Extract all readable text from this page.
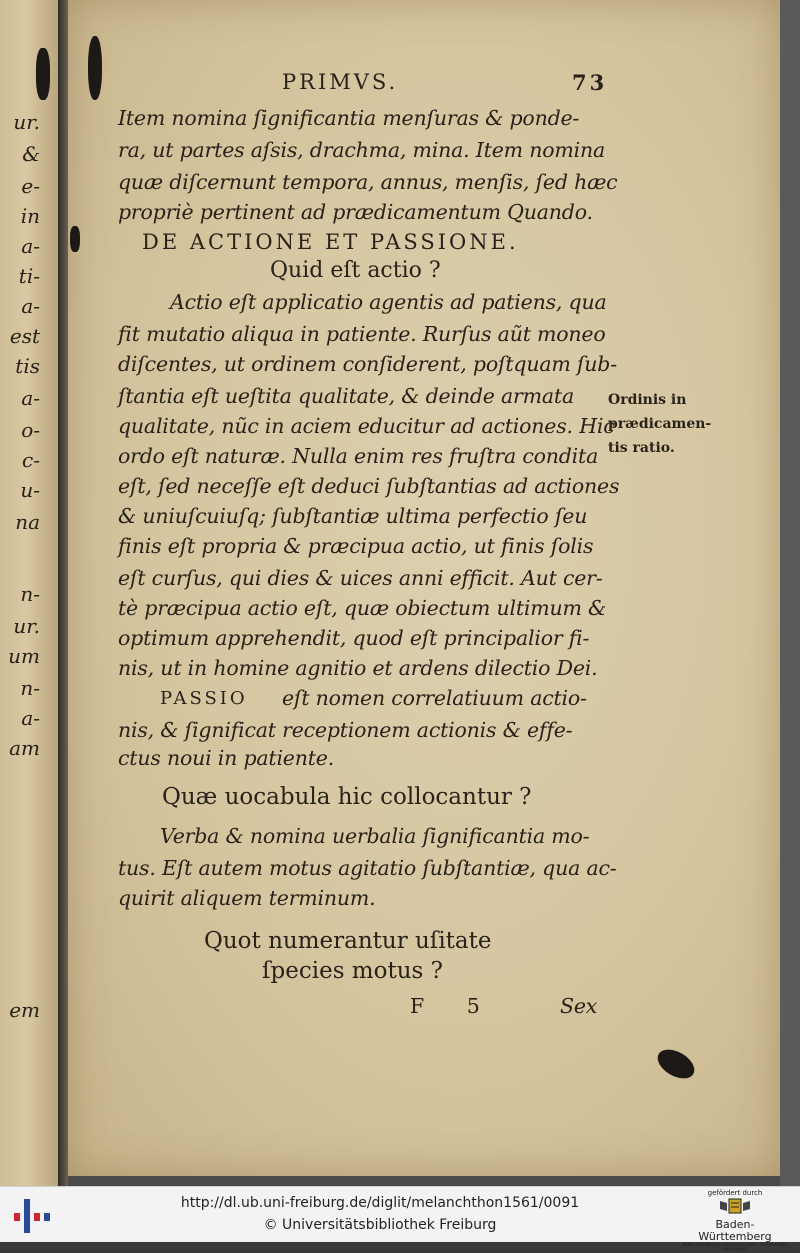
ur.
&
e-
in
a-
ti-
a-
est
tis
a-
o-
c-
u-
na
n-
ur.
um
n-
a-
am
em
PRIMVS.	73
Item nomina ſignificantia menſuras & ponde-
ra, ut partes aſsis, drachma, mina. Item nomina
quæ diſcernunt tempora, annus, menſis, ſed hæc
propriè pertinent ad prædicamentum Quando.
DE ACTIONE ET PASSIONE.
Quid eſt actio ?
Actio eſt applicatio agentis ad patiens, qua
fit mutatio aliqua in patiente. Rurſus aũt moneo
diſcentes, ut ordinem conſiderent, poſtquam ſub-
ſtantia eſt ueſtita qualitate, & deinde armata
qualitate, nũc in aciem educitur ad actiones. Hic
ordo eſt naturæ. Nulla enim res fruſtra condita
eſt, ſed neceſſe eſt deduci ſubſtantias ad actiones
& uniuſcuiuſq; ſubſtantiæ ultima perfectio ſeu
finis eſt propria & præcipua actio, ut finis ſolis
eſt curſus, qui dies & uices anni efficit. Aut cer-
tè præcipua actio eſt, quæ obiectum ultimum &
optimum apprehendit, quod eſt principalior fi-
nis, ut in homine agnitio et ardens dilectio Dei.
PASSIO eſt nomen correlatiuum actio-
nis, & ſignificat receptionem actionis & effe-
ctus noui in patiente.
Quæ uocabula hic collocantur ?
Verba & nomina uerbalia ſignificantia mo-
tus. Eſt autem motus agitatio ſubſtantiæ, qua ac-
quirit aliquem terminum.
Quot numerantur uſitate
ſpecies motus ?
F 5	Sex
Ordinis in
prædicamen-
tis ratio.
http://dl.ub.uni-freiburg.de/diglit/melanchthon1561/0091
© Universitätsbibliothek Freiburg
gefördert durch
Baden-Württemberg
MINISTERIUM FÜR WISSENSCHAFT, FORSCHUNG UND KUNST
